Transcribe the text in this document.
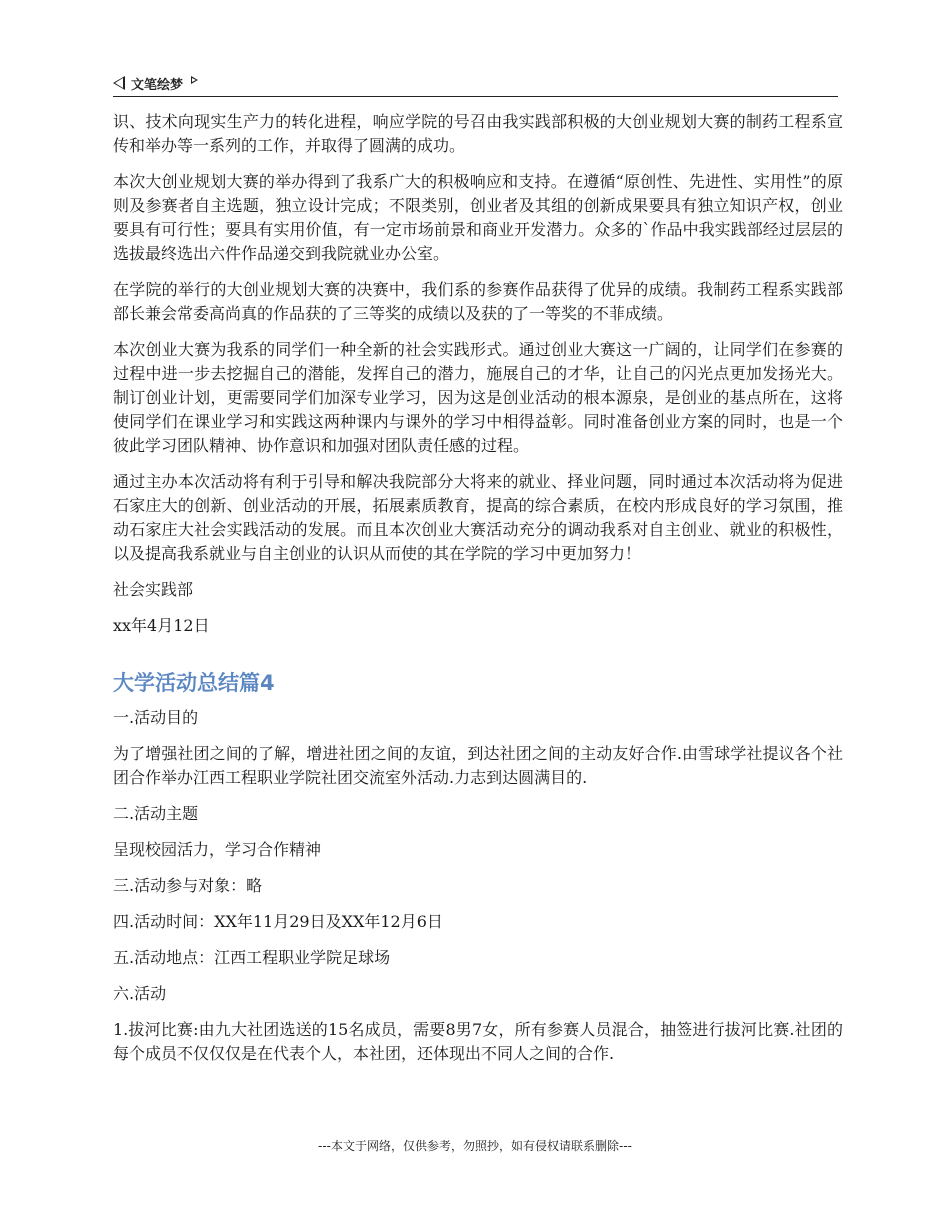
文笔绘梦

识、技术向现实生产力的转化进程，响应学院的号召由我实践部积极的大创业规划大赛的制药工程系宣传和举办等一系列的工作，并取得了圆满的成功。

本次大创业规划大赛的举办得到了我系广大的积极响应和支持。在遵循“原创性、先进性、实用性”的原则及参赛者自主选题，独立设计完成；不限类别，创业者及其组的创新成果要具有独立知识产权，创业要具有可行性；要具有实用价值，有一定市场前景和商业开发潜力。众多的`作品中我实践部经过层层的选拔最终选出六件作品递交到我院就业办公室。

在学院的举行的大创业规划大赛的决赛中，我们系的参赛作品获得了优异的成绩。我制药工程系实践部部长兼会常委高尚真的作品获的了三等奖的成绩以及获的了一等奖的不菲成绩。

本次创业大赛为我系的同学们一种全新的社会实践形式。通过创业大赛这一广阔的，让同学们在参赛的过程中进一步去挖掘自己的潜能，发挥自己的潜力，施展自己的才华，让自己的闪光点更加发扬光大。制订创业计划，更需要同学们加深专业学习，因为这是创业活动的根本源泉，是创业的基点所在，这将使同学们在课业学习和实践这两种课内与课外的学习中相得益彰。同时准备创业方案的同时，也是一个彼此学习团队精神、协作意识和加强对团队责任感的过程。

通过主办本次活动将有利于引导和解决我院部分大将来的就业、择业问题，同时通过本次活动将为促进石家庄大的创新、创业活动的开展，拓展素质教育，提高的综合素质，在校内形成良好的学习氛围，推动石家庄大社会实践活动的发展。而且本次创业大赛活动充分的调动我系对自主创业、就业的积极性，以及提高我系就业与自主创业的认识从而使的其在学院的学习中更加努力！

社会实践部

xx年4月12日

大学活动总结篇4

一.活动目的

为了增强社团之间的了解，增进社团之间的友谊，到达社团之间的主动友好合作.由雪球学社提议各个社团合作举办江西工程职业学院社团交流室外活动.力志到达圆满目的.

二.活动主题

呈现校园活力，学习合作精神

三.活动参与对象：略

四.活动时间：XX年11月29日及XX年12月6日

五.活动地点：江西工程职业学院足球场

六.活动

1.拔河比赛:由九大社团选送的15名成员，需要8男7女，所有参赛人员混合，抽签进行拔河比赛.社团的每个成员不仅仅仅是在代表个人，本社团，还体现出不同人之间的合作.

---本文于网络，仅供参考，勿照抄，如有侵权请联系删除---
